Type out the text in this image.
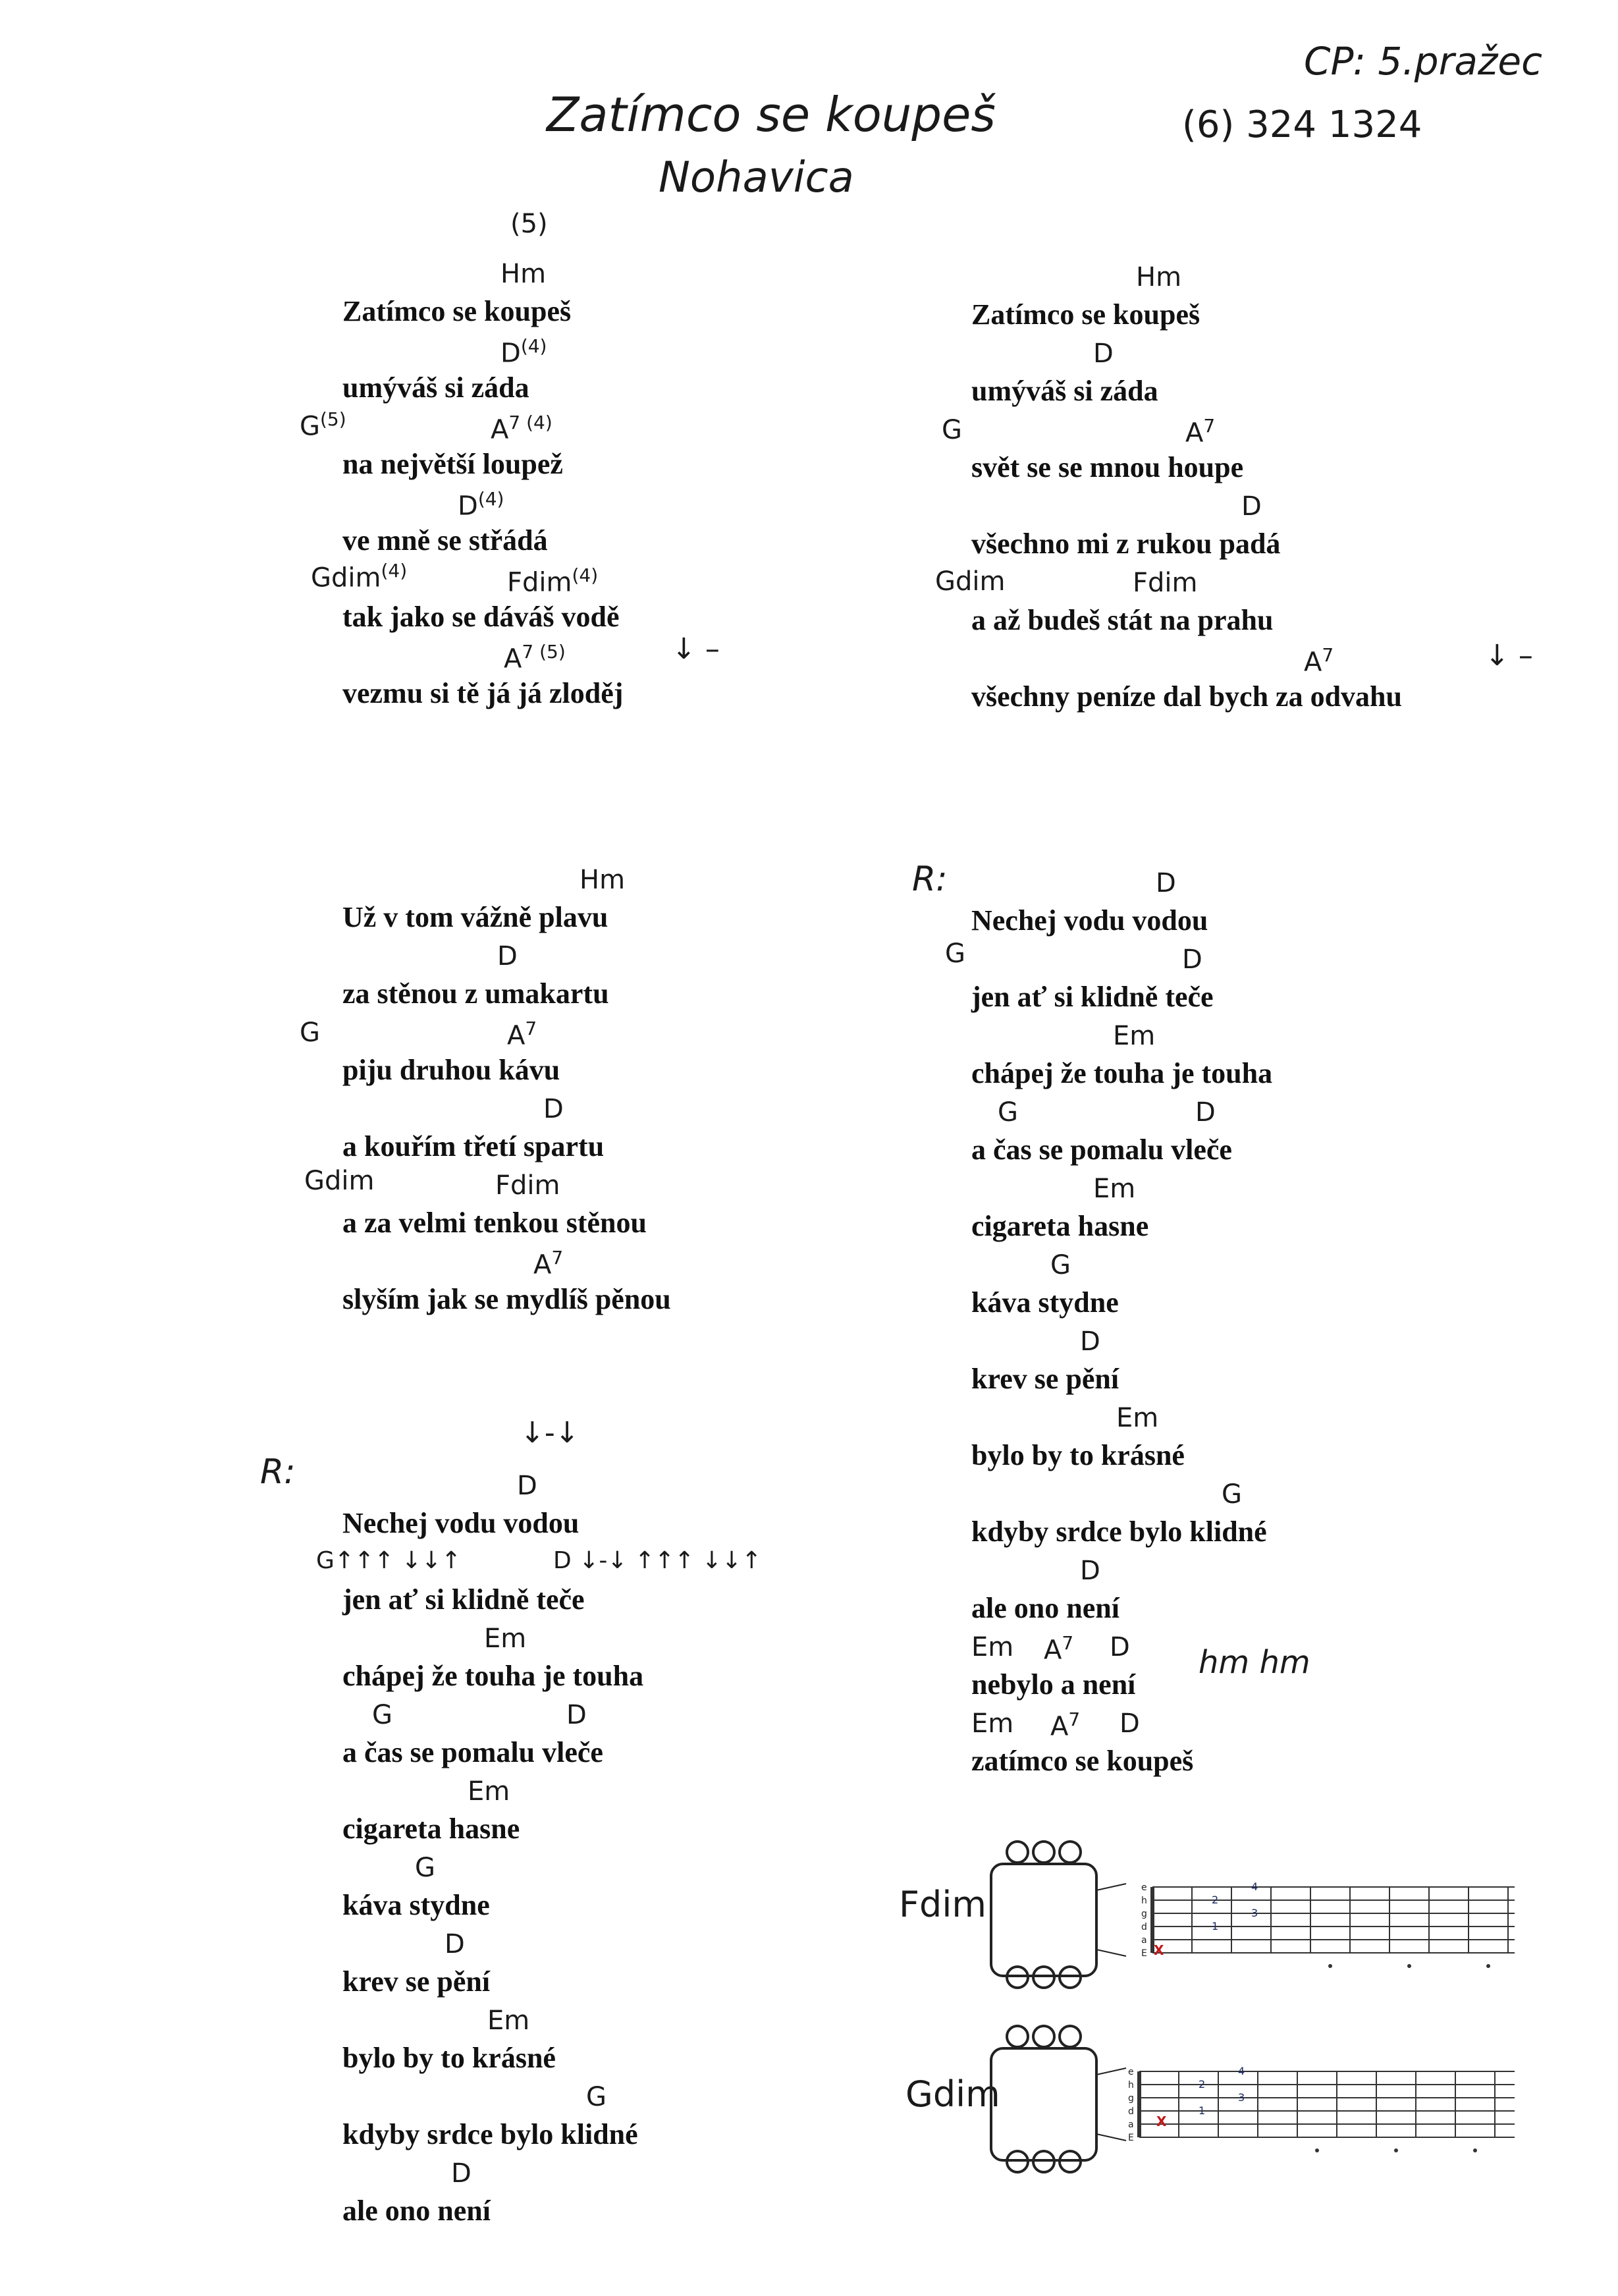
CP: 5.pražec
Zatímco se koupeš
Nohavica
(6) 324 1324
(5)
Hm
Zatímco se koupeš
$D^{(4)}$
umýváš si záda
$A^{7 (4)}$
na největší loupež
$D^{(4)}$
ve mně se střádá
Fdim$^{(4)}$
tak jako se dáváš vodě
$A^{7 (5)}$
vezmu si tě já já zloděj
$G^{(5)}$
Gdim$^{(4)}$
↓ –
Hm
Zatímco se koupeš
D
umýváš si záda
$A^7$
svět se se mnou houpe
D
všechno mi z rukou padá
Fdim
a až budeš stát na prahu
$A^7$
všechny peníze dal bych za odvahu
G
Gdim
↓ –
Hm
Už v tom vážně plavu
D
za stěnou z umakartu
$A^7$
piju druhou kávu
D
a kouřím třetí spartu
Fdim
a za velmi tenkou stěnou
$A^7$
slyším jak se mydlíš pěnou
G
Gdim
R:
↓-↓
D
Nechej vodu vodou
G↑↑↑ ↓↓↑	D ↓-↓ ↑↑↑ ↓↓↑
jen ať si klidně teče
Em
chápej že touha je touha
G	D
a čas se pomalu vleče
Em
cigareta hasne
G
káva stydne
D
krev se pění
Em
bylo by to krásné
G
kdyby srdce bylo klidné
D
ale ono není
R:	D
Nechej vodu vodou
D
jen ať si klidně teče
Em
chápej že touha je touha
G	D
a čas se pomalu vleče
Em
cigareta hasne
G
káva stydne
D
krev se pění
Em
bylo by to krásné
G
kdyby srdce bylo klidné
D
ale ono není
Em $A^7$ D
nebylo a není
Em $A^7$ D
zatímco se koupeš
G
hm hm
Fdim	e
h
g
d
a
E
2
4
3
1
X
Gdim
e
h
g
d
a
E
2
4
3
1
X
